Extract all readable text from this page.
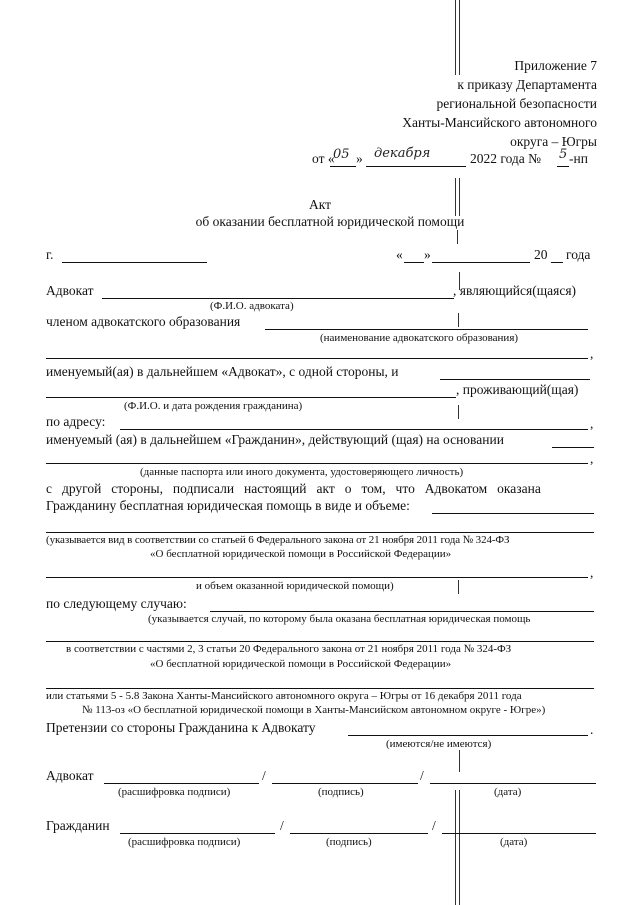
Приложение 7
к приказу Департамента
региональной безопасности
Ханты-Мансийского автономного
округа – Югры
от «
05 » декабря	2022 года № 5 -нп
Акт
об оказании бесплатной юридической помощи
г.	« »	20 года
Адвокат	, являющийся(щаяся)
(Ф.И.О. адвоката)
членом адвокатского образования
(наименование адвокатского образования)
,
именуемый(ая) в дальнейшем «Адвокат», с одной стороны, и
, проживающий(щая)
(Ф.И.О. и дата рождения гражданина)
по адресу:	,
именуемый (ая) в дальнейшем «Гражданин», действующий (щая) на основании
,
(данные паспорта или иного документа, удостоверяющего личность)
с другой стороны, подписали настоящий акт о том, что Адвокатом оказана
Гражданину бесплатная юридическая помощь в виде и объеме:
(указывается вид в соответствии со статьей 6 Федерального закона от 21 ноября 2011 года № 324-ФЗ
«О бесплатной юридической помощи в Российской Федерации»
,
и объем оказанной юридической помощи)
по следующему случаю:
(указывается случай, по которому была оказана бесплатная юридическая помощь
в соответствии с частями 2, 3 статьи 20 Федерального закона от 21 ноября 2011 года № 324-ФЗ
«О бесплатной юридической помощи в Российской Федерации»
или статьями 5 - 5.8 Закона Ханты-Мансийского автономного округа – Югры от 16 декабря 2011 года
№ 113-оз «О бесплатной юридической помощи в Ханты-Мансийском автономном округе - Югре»)
Претензии со стороны Гражданина к Адвокату	.
(имеются/не имеются)
Адвокат	/	/
(расшифровка подписи)	(подпись)	(дата)
Гражданин	/	/
(расшифровка подписи)	(подпись)	(дата)
